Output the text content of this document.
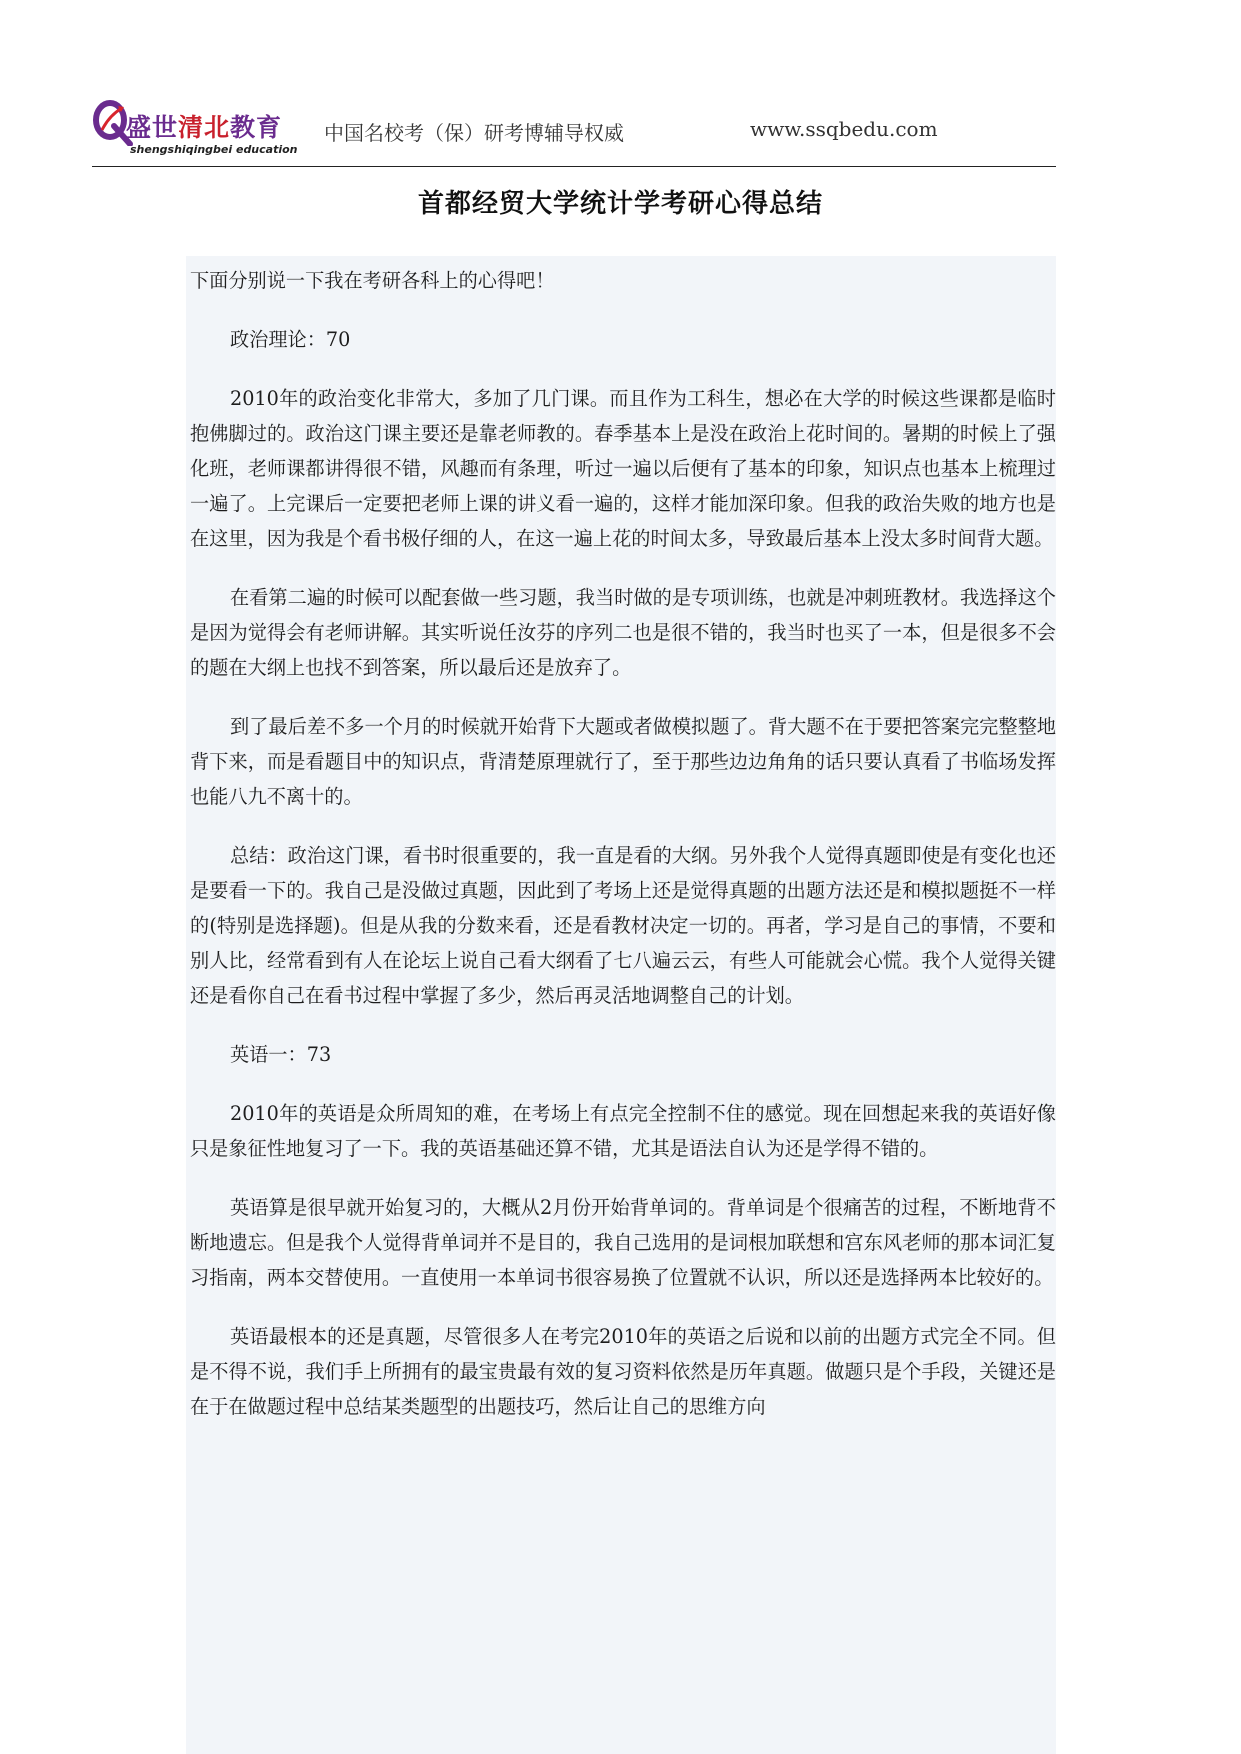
盛世清北教育
shengshiqingbei education
中国名校考（保）研考博辅导权威	www.ssqbedu.com
首都经贸大学统计学考研心得总结

下面分别说一下我在考研各科上的心得吧！

政治理论：70

2010年的政治变化非常大，多加了几门课。而且作为工科生，想必在大学的时候这些课都是临时抱佛脚过的。政治这门课主要还是靠老师教的。春季基本上是没在政治上花时间的。暑期的时候上了强化班，老师课都讲得很不错，风趣而有条理，听过一遍以后便有了基本的印象，知识点也基本上梳理过一遍了。上完课后一定要把老师上课的讲义看一遍的，这样才能加深印象。但我的政治失败的地方也是在这里，因为我是个看书极仔细的人，在这一遍上花的时间太多，导致最后基本上没太多时间背大题。

在看第二遍的时候可以配套做一些习题，我当时做的是专项训练，也就是冲刺班教材。我选择这个是因为觉得会有老师讲解。其实听说任汝芬的序列二也是很不错的，我当时也买了一本，但是很多不会的题在大纲上也找不到答案，所以最后还是放弃了。

到了最后差不多一个月的时候就开始背下大题或者做模拟题了。背大题不在于要把答案完完整整地背下来，而是看题目中的知识点，背清楚原理就行了，至于那些边边角角的话只要认真看了书临场发挥也能八九不离十的。

总结：政治这门课，看书时很重要的，我一直是看的大纲。另外我个人觉得真题即使是有变化也还是要看一下的。我自己是没做过真题，因此到了考场上还是觉得真题的出题方法还是和模拟题挺不一样的(特别是选择题)。但是从我的分数来看，还是看教材决定一切的。再者，学习是自己的事情，不要和别人比，经常看到有人在论坛上说自己看大纲看了七八遍云云，有些人可能就会心慌。我个人觉得关键还是看你自己在看书过程中掌握了多少，然后再灵活地调整自己的计划。

英语一：73

2010年的英语是众所周知的难，在考场上有点完全控制不住的感觉。现在回想起来我的英语好像只是象征性地复习了一下。我的英语基础还算不错，尤其是语法自认为还是学得不错的。

英语算是很早就开始复习的，大概从2月份开始背单词的。背单词是个很痛苦的过程，不断地背不断地遗忘。但是我个人觉得背单词并不是目的，我自己选用的是词根加联想和宫东风老师的那本词汇复习指南，两本交替使用。一直使用一本单词书很容易换了位置就不认识，所以还是选择两本比较好的。

英语最根本的还是真题，尽管很多人在考完2010年的英语之后说和以前的出题方式完全不同。但是不得不说，我们手上所拥有的最宝贵最有效的复习资料依然是历年真题。做题只是个手段，关键还是在于在做题过程中总结某类题型的出题技巧，然后让自己的思维方向
